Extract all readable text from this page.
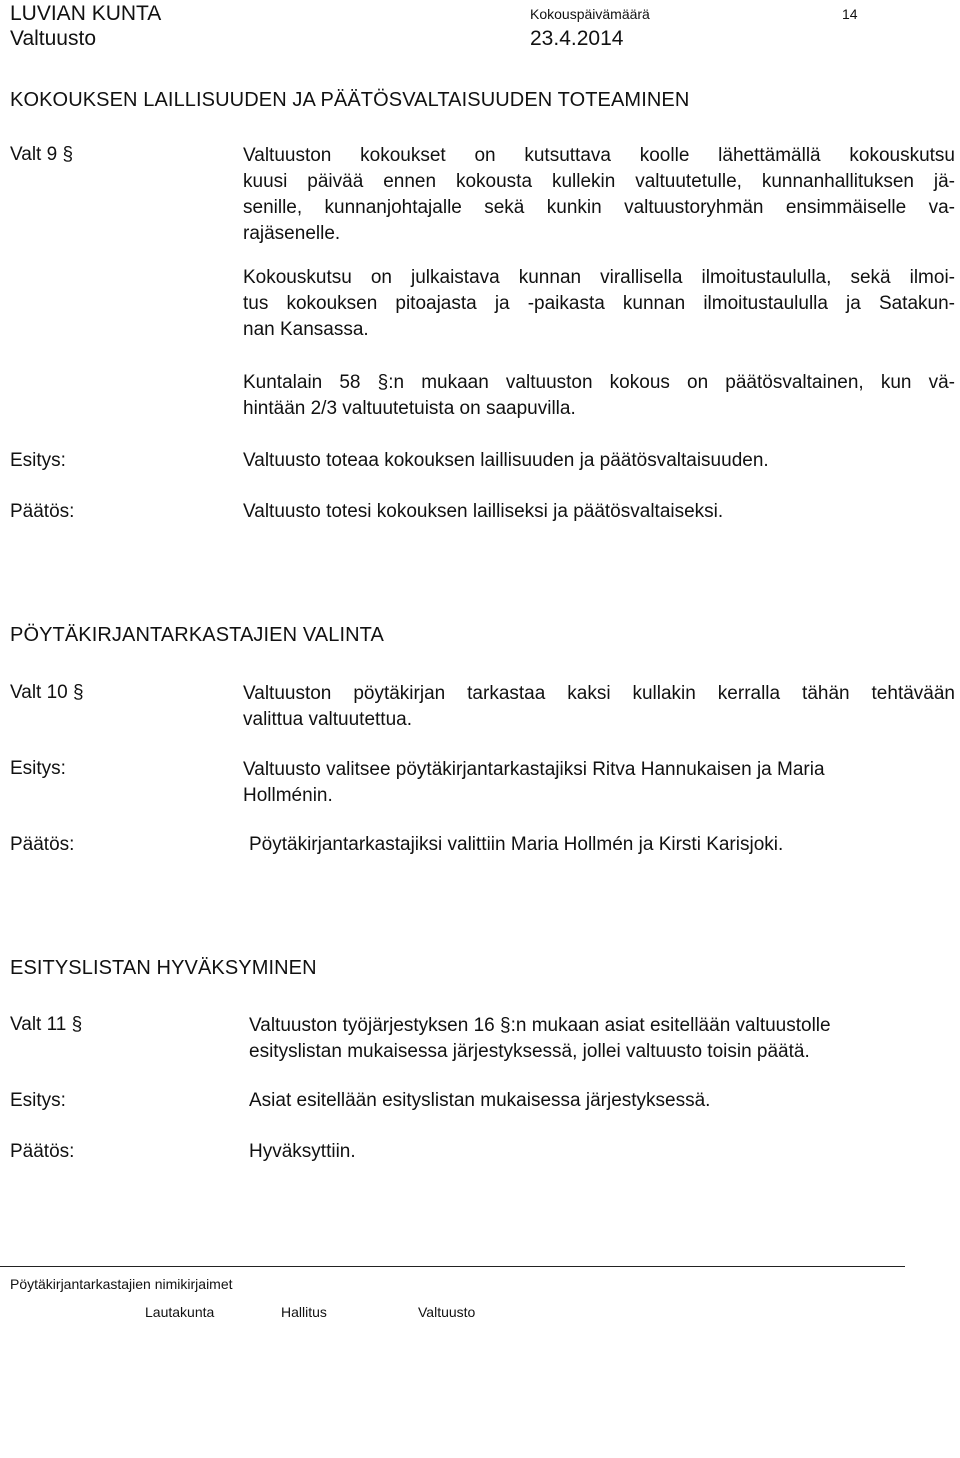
LUVIAN KUNTA	Kokouspäivämäärä	14
Valtuusto	23.4.2014
KOKOUKSEN LAILLISUUDEN JA PÄÄTÖSVALTAISUUDEN TOTEAMINEN
Valt 9 §	Valtuuston kokoukset on kutsuttava koolle lähettämällä kokouskutsu
kuusi päivää ennen kokousta kullekin valtuutetulle, kunnanhallituksen jä-
senille, kunnanjohtajalle sekä kunkin valtuustoryhmän ensimmäiselle va-
rajäsenelle.
Kokouskutsu on julkaistava kunnan virallisella ilmoitustaululla, sekä ilmoi-
tus kokouksen pitoajasta ja -paikasta kunnan ilmoitustaululla ja Satakun-
nan Kansassa.
Kuntalain 58 §:n mukaan valtuuston kokous on päätösvaltainen, kun vä-
hintään 2/3 valtuutetuista on saapuvilla.
Esitys:	Valtuusto toteaa kokouksen laillisuuden ja päätösvaltaisuuden.
Päätös:	Valtuusto totesi kokouksen lailliseksi ja päätösvaltaiseksi.
PÖYTÄKIRJANTARKASTAJIEN VALINTA
Valt 10 §	Valtuuston pöytäkirjan tarkastaa kaksi kullakin kerralla tähän tehtävään
valittua valtuutettua.
Esitys:	Valtuusto valitsee pöytäkirjantarkastajiksi Ritva Hannukaisen ja Maria
Hollménin.
Päätös:	Pöytäkirjantarkastajiksi valittiin Maria Hollmén ja Kirsti Karisjoki.
ESITYSLISTAN HYVÄKSYMINEN
Valt 11 §	Valtuuston työjärjestyksen 16 §:n mukaan asiat esitellään valtuustolle
esityslistan mukaisessa järjestyksessä, jollei valtuusto toisin päätä.
Esitys:	Asiat esitellään esityslistan mukaisessa järjestyksessä.
Päätös:	Hyväksyttiin.
Pöytäkirjantarkastajien nimikirjaimet
Lautakunta	Hallitus	Valtuusto
